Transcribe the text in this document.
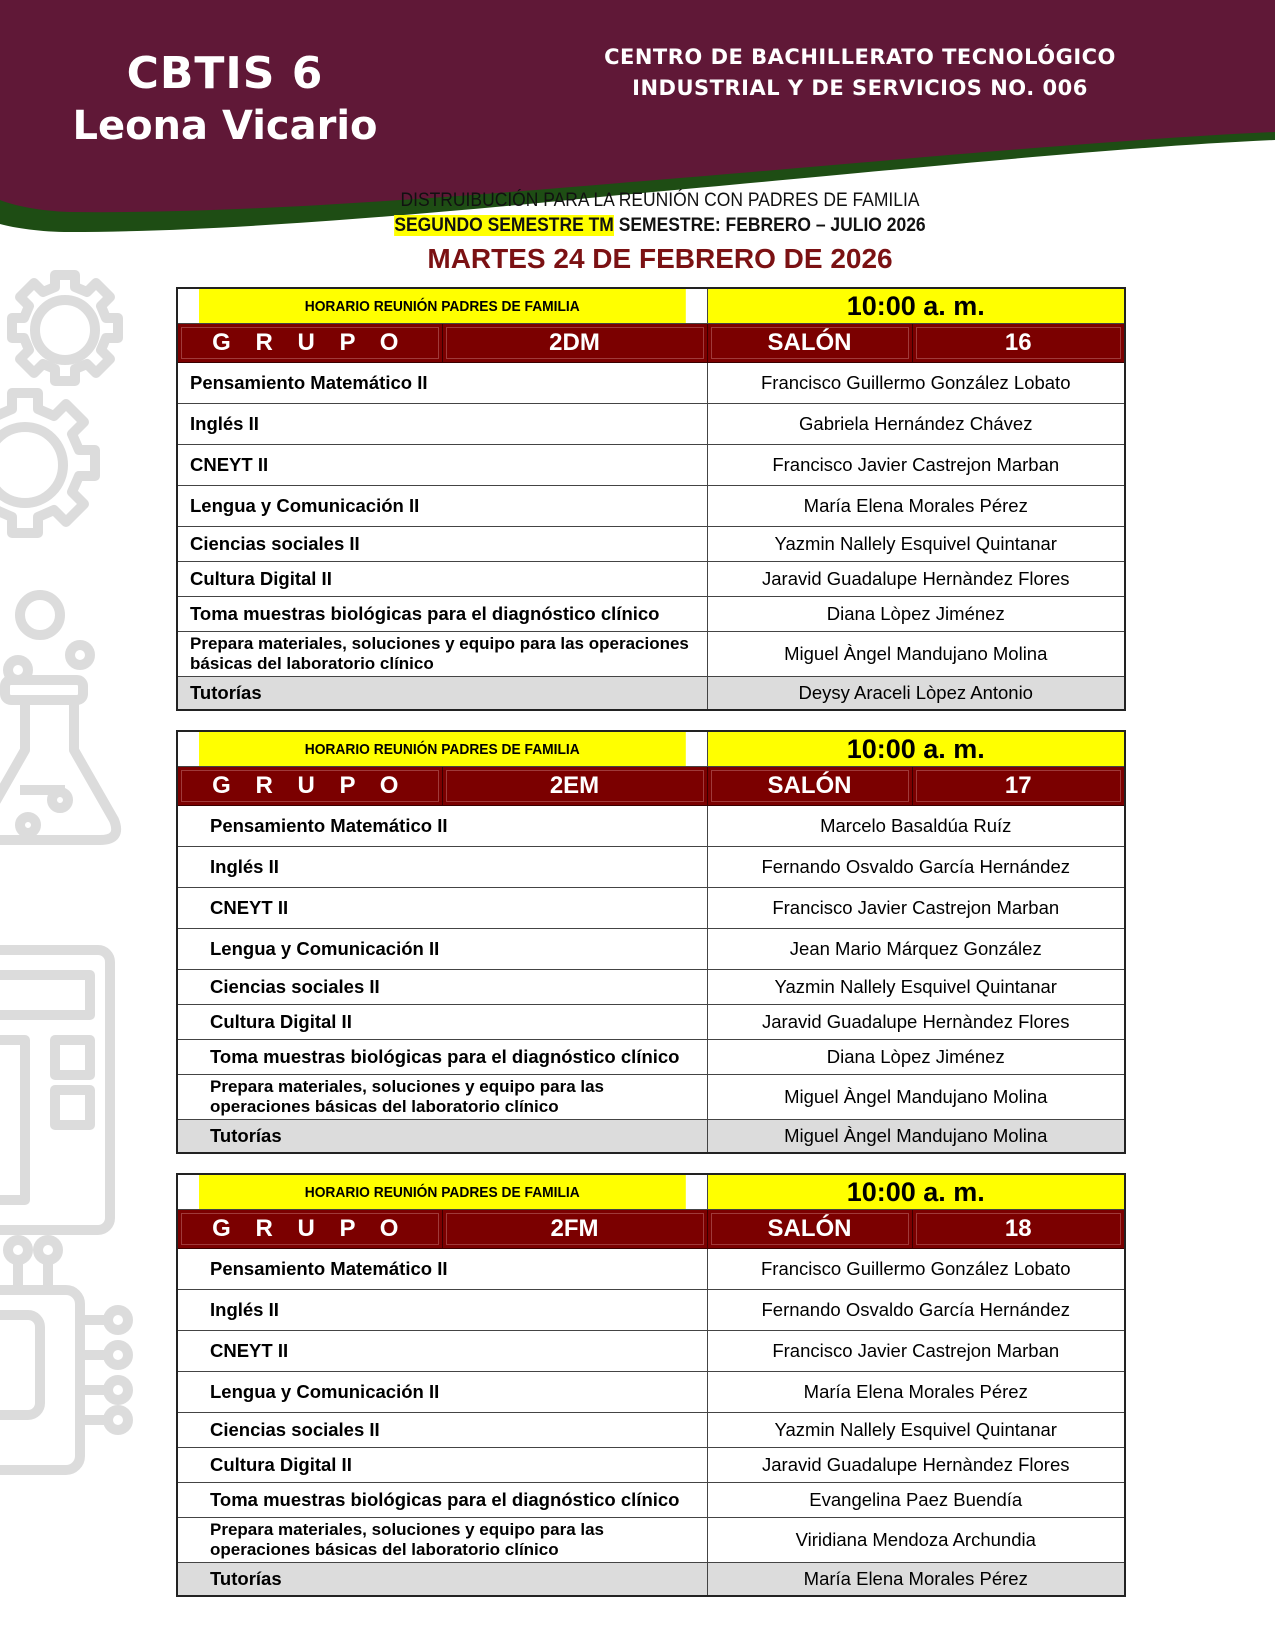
CBTIS 6
Leona Vicario
CENTRO DE BACHILLERATO TECNOLÓGICO
INDUSTRIAL Y DE SERVICIOS NO. 006
DISTRUIBUCIÓN PARA LA REUNIÓN CON PADRES DE FAMILIA
SEGUNDO SEMESTRE TM SEMESTRE: FEBRERO – JULIO 2026
MARTES 24 DE FEBRERO DE 2026
HORARIO REUNIÓN PADRES DE FAMILIA		10:00 a. m.	
G R U P O	2DM	SALÓN	16
Pensamiento Matemático II		Francisco Guillermo González Lobato	
Inglés II		Gabriela Hernández Chávez	
CNEYT II		Francisco Javier Castrejon Marban	
Lengua y Comunicación II		María Elena Morales Pérez	
Ciencias sociales II		Yazmin Nallely Esquivel Quintanar	
Cultura Digital II		Jaravid Guadalupe Hernàndez Flores	
Toma muestras biológicas para el diagnóstico clínico		Diana Lòpez Jiménez	
Prepara materiales, soluciones y equipo para las operaciones básicas del laboratorio clínico		Miguel Àngel Mandujano Molina	
Tutorías		Deysy Araceli Lòpez Antonio	
HORARIO REUNIÓN PADRES DE FAMILIA		10:00 a. m.	
G R U P O	2EM	SALÓN	17
Pensamiento Matemático II		Marcelo Basaldúa Ruíz	
Inglés II		Fernando Osvaldo García Hernández	
CNEYT II		Francisco Javier Castrejon Marban	
Lengua y Comunicación II		Jean Mario Márquez González	
Ciencias sociales II		Yazmin Nallely Esquivel Quintanar	
Cultura Digital II		Jaravid Guadalupe Hernàndez Flores	
Toma muestras biológicas para el diagnóstico clínico		Diana Lòpez Jiménez	
Prepara materiales, soluciones y equipo para las operaciones básicas del laboratorio clínico		Miguel Àngel Mandujano Molina	
Tutorías		Miguel Àngel Mandujano Molina	
HORARIO REUNIÓN PADRES DE FAMILIA		10:00 a. m.	
G R U P O	2FM	SALÓN	18
Pensamiento Matemático II		Francisco Guillermo González Lobato	
Inglés II		Fernando Osvaldo García Hernández	
CNEYT II		Francisco Javier Castrejon Marban	
Lengua y Comunicación II		María Elena Morales Pérez	
Ciencias sociales II		Yazmin Nallely Esquivel Quintanar	
Cultura Digital II		Jaravid Guadalupe Hernàndez Flores	
Toma muestras biológicas para el diagnóstico clínico		Evangelina Paez Buendía	
Prepara materiales, soluciones y equipo para las operaciones básicas del laboratorio clínico		Viridiana Mendoza Archundia	
Tutorías		María Elena Morales Pérez	
